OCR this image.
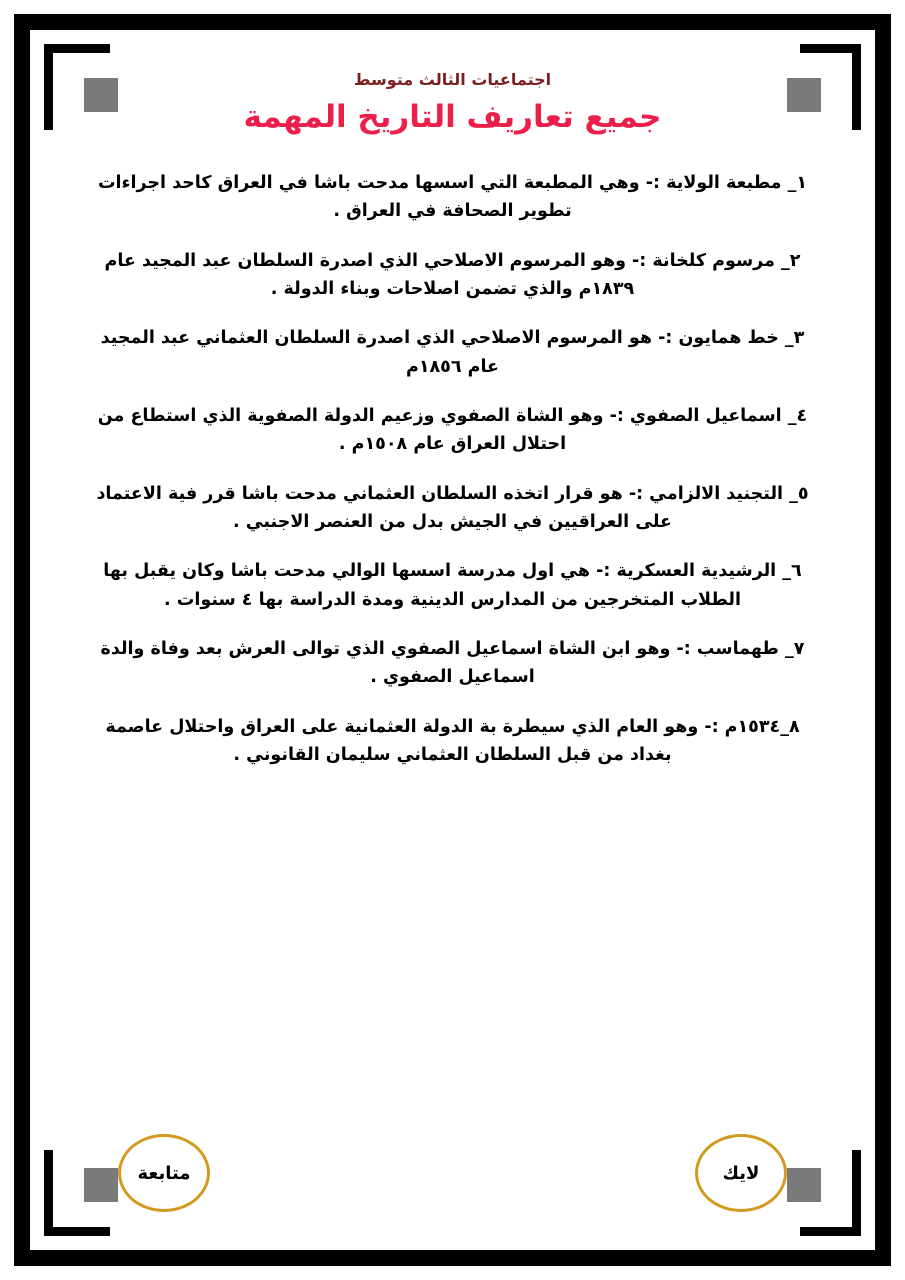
اجتماعيات الثالث متوسط

جميع تعاريف التاريخ المهمة
١_ مطبعة الولاية :- وهي المطبعة التي اسسها مدحت باشا في العراق كاحد اجراءات تطوير الصحافة في العراق .
٢_ مرسوم كلخانة :- وهو المرسوم الاصلاحي الذي اصدرة السلطان عبد المجيد عام ١٨٣٩م والذي تضمن اصلاحات وبناء الدولة .
٣_ خط همايون :- هو المرسوم الاصلاحي الذي اصدرة السلطان العثماني عبد المجيد عام ١٨٥٦م
٤_ اسماعيل الصفوي :- وهو الشاة الصفوي وزعيم الدولة الصفوية الذي استطاع من احتلال العراق عام ١٥٠٨م .
٥_ التجنيد الالزامي :- هو قرار اتخذه السلطان العثماني مدحت باشا قرر فية الاعتماد على العراقيين في الجيش بدل من العنصر الاجنبي .
٦_ الرشيدية العسكرية :- هي اول مدرسة اسسها الوالي مدحت باشا وكان يقبل بها الطلاب المتخرجين من المدارس الدينية ومدة الدراسة بها ٤ سنوات .
٧_ طهماسب :- وهو ابن الشاة اسماعيل الصفوي الذي توالى العرش بعد وفاة والدة اسماعيل الصفوي .
٨_١٥٣٤م :- وهو العام الذي سيطرة بة الدولة العثمانية على العراق واحتلال عاصمة بغداد من قبل السلطان العثماني سليمان القانوني .
متابعة	لايك
